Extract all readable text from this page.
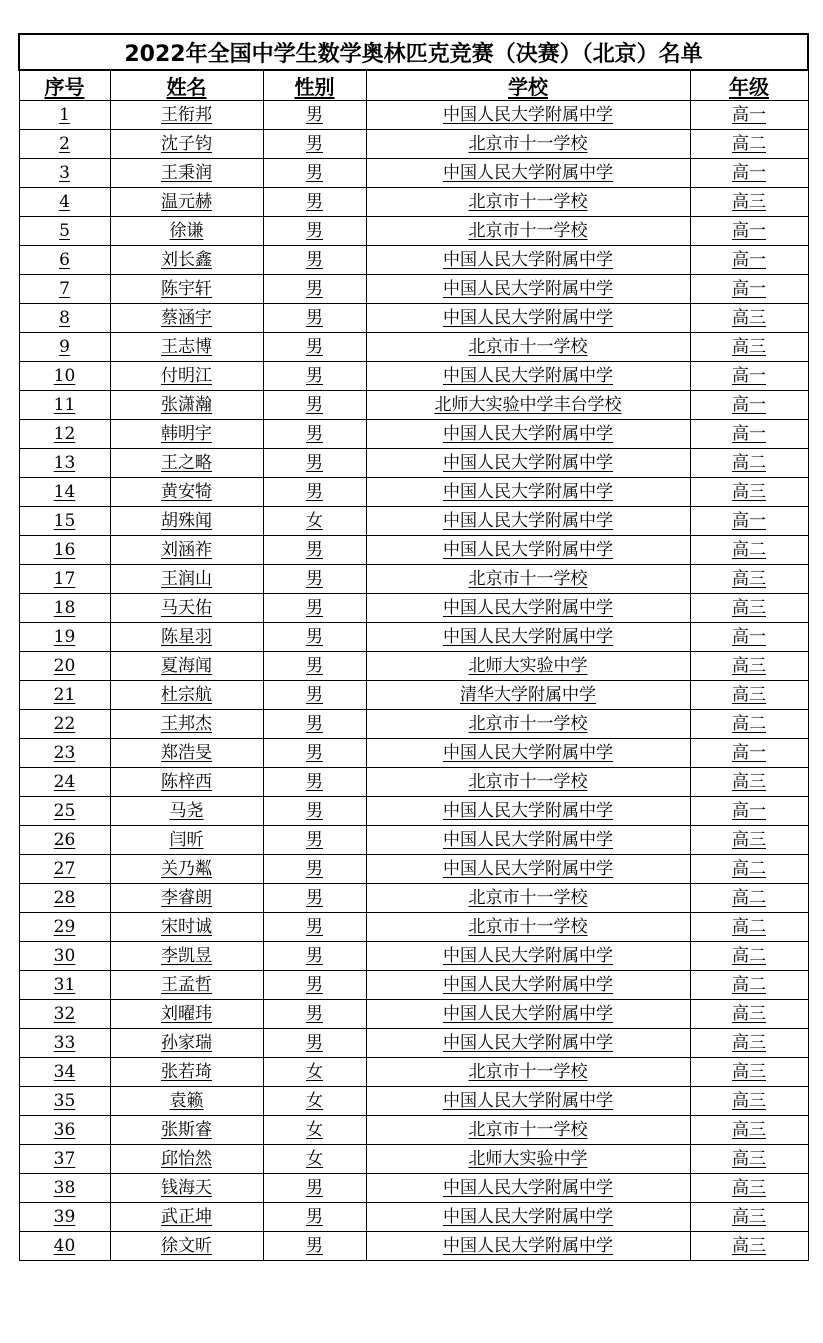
2022年全国中学生数学奥林匹克竞赛（决赛）（北京）名单				
序号	姓名	性别	学校	年级
1	王衔邦	男	中国人民大学附属中学	高一
2	沈子钧	男	北京市十一学校	高二
3	王秉润	男	中国人民大学附属中学	高一
4	温元赫	男	北京市十一学校	高三
5	徐谦	男	北京市十一学校	高一
6	刘长鑫	男	中国人民大学附属中学	高一
7	陈宇轩	男	中国人民大学附属中学	高一
8	蔡涵宇	男	中国人民大学附属中学	高三
9	王志博	男	北京市十一学校	高三
10	付明江	男	中国人民大学附属中学	高一
11	张潇瀚	男	北师大实验中学丰台学校	高一
12	韩明宇	男	中国人民大学附属中学	高一
13	王之略	男	中国人民大学附属中学	高二
14	黄安犄	男	中国人民大学附属中学	高三
15	胡殊闻	女	中国人民大学附属中学	高一
16	刘涵祚	男	中国人民大学附属中学	高二
17	王润山	男	北京市十一学校	高三
18	马天佑	男	中国人民大学附属中学	高三
19	陈星羽	男	中国人民大学附属中学	高一
20	夏海闻	男	北师大实验中学	高三
21	杜宗航	男	清华大学附属中学	高三
22	王邦杰	男	北京市十一学校	高二
23	郑浩旻	男	中国人民大学附属中学	高一
24	陈梓西	男	北京市十一学校	高三
25	马尧	男	中国人民大学附属中学	高一
26	闫昕	男	中国人民大学附属中学	高三
27	关乃粼	男	中国人民大学附属中学	高二
28	李睿朗	男	北京市十一学校	高二
29	宋时诚	男	北京市十一学校	高二
30	李凯昱	男	中国人民大学附属中学	高二
31	王孟哲	男	中国人民大学附属中学	高二
32	刘曜玮	男	中国人民大学附属中学	高三
33	孙家瑞	男	中国人民大学附属中学	高三
34	张若琦	女	北京市十一学校	高三
35	袁籁	女	中国人民大学附属中学	高三
36	张斯睿	女	北京市十一学校	高三
37	邱怡然	女	北师大实验中学	高三
38	钱海天	男	中国人民大学附属中学	高三
39	武正坤	男	中国人民大学附属中学	高三
40	徐文昕	男	中国人民大学附属中学	高三
